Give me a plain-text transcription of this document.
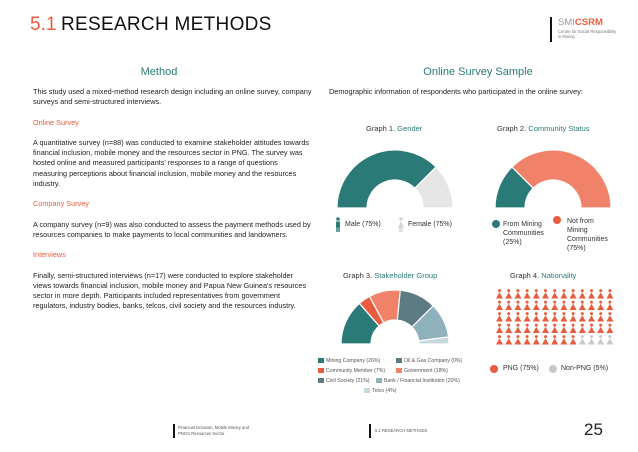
5.1 RESEARCH METHODS	SMICSRM
Centre for Social Responsibility in Mining
Method	Online Survey Sample

This study used a mixed-method research design including an online survey, company surveys and semi-structured interviews.

Online Survey

A quantitative survey (n=88) was conducted to examine stakeholder attitudes towards financial inclusion, mobile money and the resources sector in PNG. The survey was hosted online and measured participants' responses to a range of questions measuring perceptions about financial inclusion, mobile money and the resources industry.

Company Survey

A company survey (n=9) was also conducted to assess the payment methods used by resources companies to make payments to local communities and landowners.

Interviews

Finally, semi-structured interviews (n=17) were conducted to explore stakeholder views towards financial inclusion, mobile money and Papua New Guinea's resources sector in more depth. Participants included representatives from government regulators, industry bodies, banks, telcos, civil society and the resources industry.

Demographic information of respondents who participated in the online survey:
Graph 1. Gender
Male (75%)	Female (75%)
Graph 2. Community Status
From Mining Communities (25%)
Not from Mining Communities (75%)
Graph 3. Stakeholder Group
Mining Company (26%)	Oil & Gas Company (0%)
Community Member (7%)	Government (18%)
Civil Society (21%)	Bank / Financial Institution (20%)
Telco (4%)
Graph 4. Nationality
PNG (75%)	Non-PNG (5%)
Financial Inclusion, Mobile Money and
PNG's Resources Sector	5.1 RESEARCH METHODS	25
